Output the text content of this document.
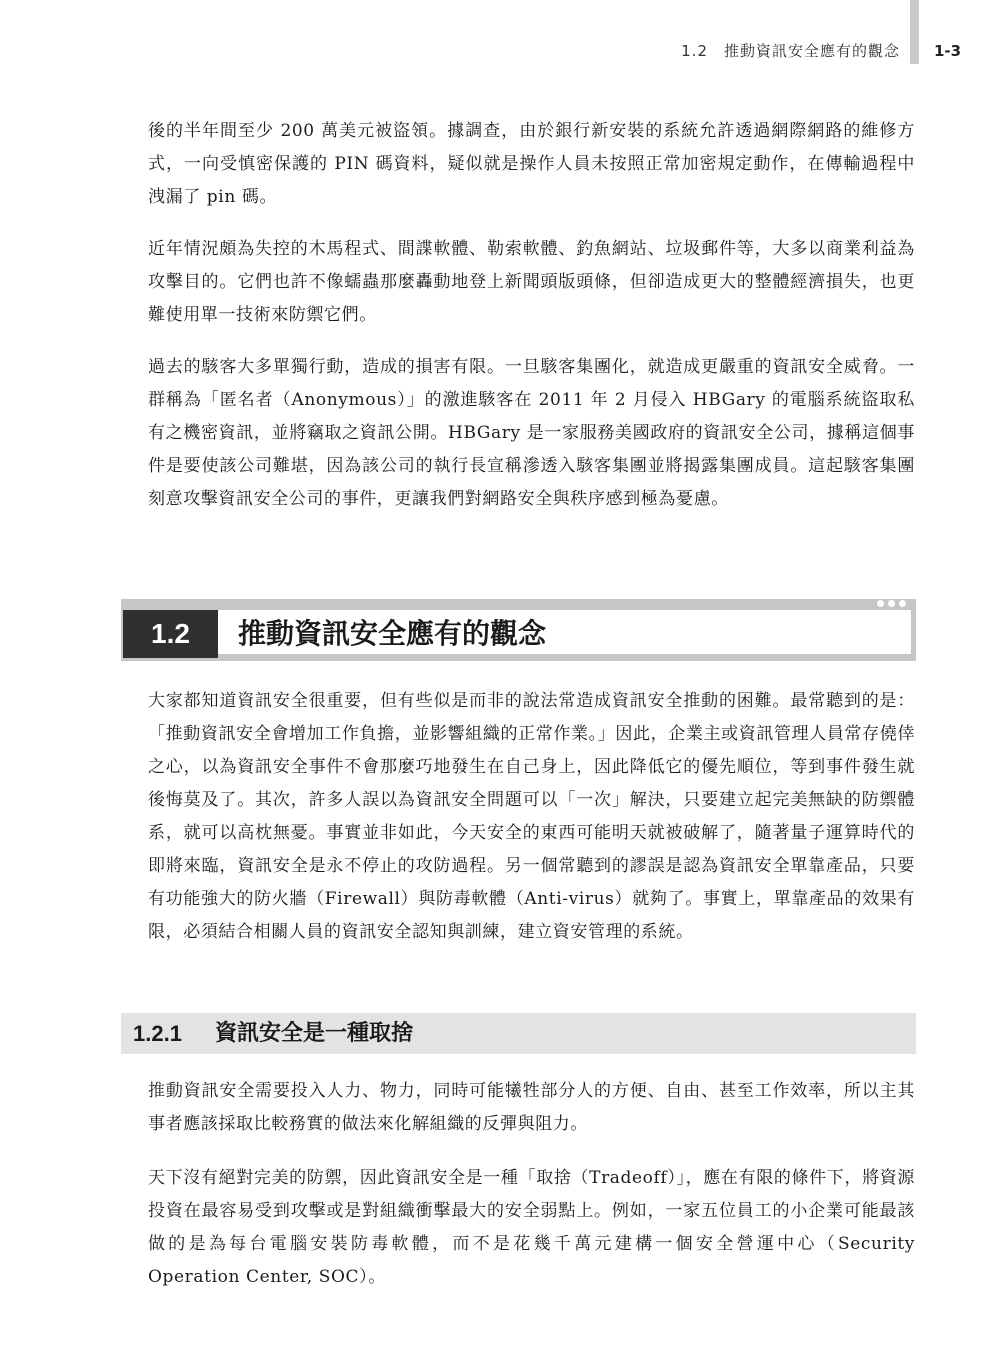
1.2　推動資訊安全應有的觀念 1-3

後的半年間至少 200 萬美元被盜領。據調查，由於銀行新安裝的系統允許透過網際網路的維修方式，一向受慎密保護的 PIN 碼資料，疑似就是操作人員未按照正常加密規定動作，在傳輸過程中洩漏了 pin 碼。

近年情況頗為失控的木馬程式、間諜軟體、勒索軟體、釣魚網站、垃圾郵件等，大多以商業利益為攻擊目的。它們也許不像蠕蟲那麼轟動地登上新聞頭版頭條，但卻造成更大的整體經濟損失，也更難使用單一技術來防禦它們。

過去的駭客大多單獨行動，造成的損害有限。一旦駭客集團化，就造成更嚴重的資訊安全威脅。一群稱為「匿名者（Anonymous）」的激進駭客在 2011 年 2 月侵入 HBGary 的電腦系統盜取私有之機密資訊，並將竊取之資訊公開。HBGary 是一家服務美國政府的資訊安全公司，據稱這個事件是要使該公司難堪，因為該公司的執行長宣稱滲透入駭客集團並將揭露集團成員。這起駭客集團刻意攻擊資訊安全公司的事件，更讓我們對網路安全與秩序感到極為憂慮。

1.2	推動資訊安全應有的觀念

大家都知道資訊安全很重要，但有些似是而非的說法常造成資訊安全推動的困難。最常聽到的是：「推動資訊安全會增加工作負擔，並影響組織的正常作業。」因此，企業主或資訊管理人員常存僥倖之心，以為資訊安全事件不會那麼巧地發生在自己身上，因此降低它的優先順位，等到事件發生就後悔莫及了。其次，許多人誤以為資訊安全問題可以「一次」解決，只要建立起完美無缺的防禦體系，就可以高枕無憂。事實並非如此，今天安全的東西可能明天就被破解了，隨著量子運算時代的即將來臨，資訊安全是永不停止的攻防過程。另一個常聽到的謬誤是認為資訊安全單靠產品，只要有功能強大的防火牆（Firewall）與防毒軟體（Anti-virus）就夠了。事實上，單靠產品的效果有限，必須結合相關人員的資訊安全認知與訓練，建立資安管理的系統。

1.2.1 資訊安全是一種取捨

推動資訊安全需要投入人力、物力，同時可能犧牲部分人的方便、自由、甚至工作效率，所以主其事者應該採取比較務實的做法來化解組織的反彈與阻力。

天下沒有絕對完美的防禦，因此資訊安全是一種「取捨（Tradeoff）」，應在有限的條件下，將資源投資在最容易受到攻擊或是對組織衝擊最大的安全弱點上。例如，一家五位員工的小企業可能最該做的是為每台電腦安裝防毒軟體，而不是花幾千萬元建構一個安全營運中心（Security Operation Center, SOC）。
